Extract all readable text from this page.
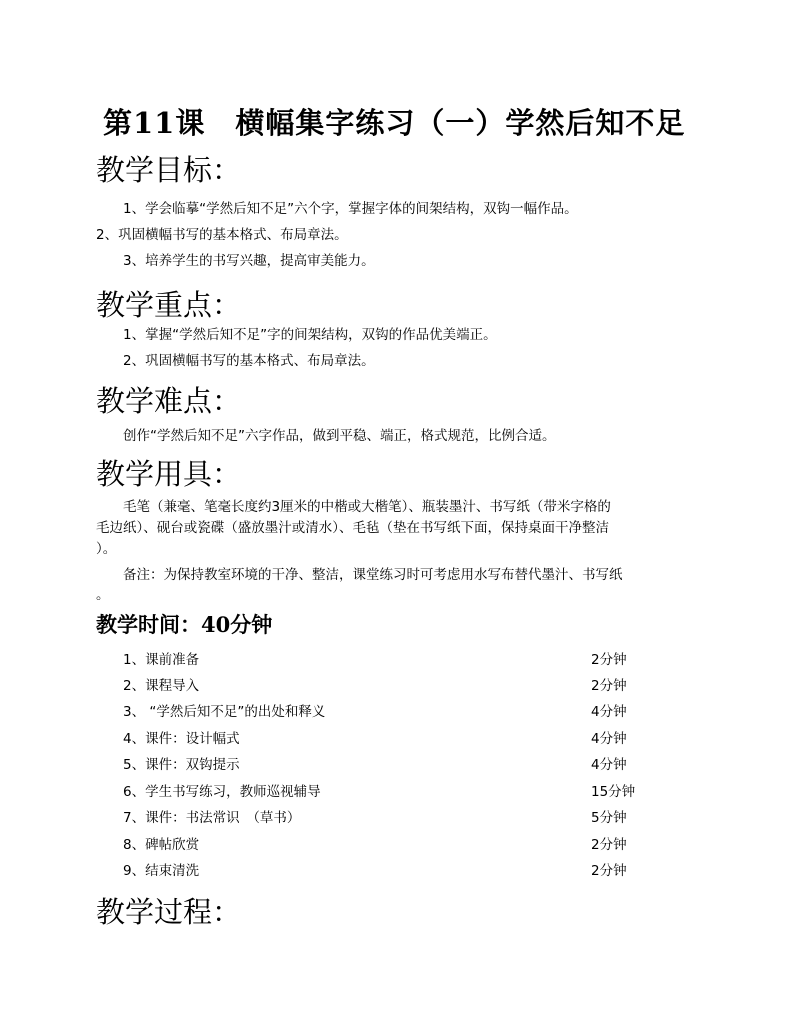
第11课　横幅集字练习（一）学然后知不足
教学目标：
1、学会临摹“学然后知不足”六个字，掌握字体的间架结构，双钩一幅作品。
2、巩固横幅书写的基本格式、布局章法。
3、培养学生的书写兴趣，提高审美能力。
教学重点：
1、掌握“学然后知不足”字的间架结构，双钩的作品优美端正。
2、巩固横幅书写的基本格式、布局章法。
教学难点：
创作“学然后知不足”六字作品，做到平稳、端正，格式规范，比例合适。
教学用具：
毛笔（兼毫、笔毫长度约3厘米的中楷或大楷笔）、瓶装墨汁、书写纸（带米字格的
毛边纸）、砚台或瓷碟（盛放墨汁或清水）、毛毡（垫在书写纸下面，保持桌面干净整洁
）。
备注：为保持教室环境的干净、整洁，课堂练习时可考虑用水写布替代墨汁、书写纸
。
教学时间：40分钟
1、课前准备	2分钟
2、课程导入	2分钟
3、 “学然后知不足”的出处和释义	4分钟
4、课件：设计幅式	4分钟
5、课件：双钩提示	4分钟
6、学生书写练习，教师巡视辅导	15分钟
7、课件：书法常识　（草书）	5分钟
8、碑帖欣赏	2分钟
9、结束清洗	2分钟
教学过程：
